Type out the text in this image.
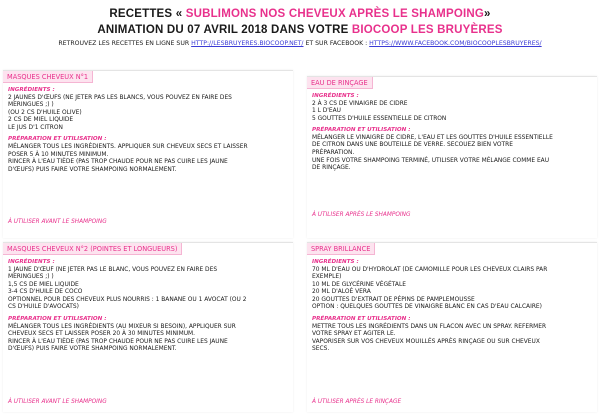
RECETTES « SUBLIMONS NOS CHEVEUX APRÈS LE SHAMPOING»
ANIMATION DU 07 AVRIL 2018 DANS VOTRE BIOCOOP LES BRUYÈRES
RETROUVEZ LES RECETTES EN LIGNE SUR HTTP://LESBRUYERES.BIOCOOP.NET/ ET SUR FACEBOOK : HTTPS://WWW.FACEBOOK.COM/BIOCOOPLESBRUYERES/
MASQUES CHEVEUX N°1
INGRÉDIENTS :
2 JAUNES D'ŒUFS (NE JETER PAS LES BLANCS, VOUS POUVEZ EN FAIRE DES
MERINGUES ;) )
(OU 2 CS D'HUILE OLIVE)
2 CS DE MIEL LIQUIDE
LE JUS D'1 CITRON
PRÉPARATION ET UTILISATION :
MÉLANGER TOUS LES INGRÉDIENTS. APPLIQUER SUR CHEVEUX SECS ET LAISSER
POSER 5 À 10 MINUTES MINIMUM.
RINCER À L'EAU TIÈDE (PAS TROP CHAUDE POUR NE PAS CUIRE LES JAUNE
D'ŒUFS) PUIS FAIRE VOTRE SHAMPOING NORMALEMENT.
À UTILISER AVANT LE SHAMPOING
EAU DE RINÇAGE
INGRÉDIENTS :
2 À 3 CS DE VINAIGRE DE CIDRE
1 L D'EAU
5 GOUTTES D'HUILE ESSENTIELLE DE CITRON
PRÉPARATION ET UTILISATION :
MÉLANGER LE VINAIGRE DE CIDRE, L'EAU ET LES GOUTTES D'HUILE ESSENTIELLE
DE CITRON DANS UNE BOUTEILLE DE VERRE. SECOUEZ BIEN VOTRE
PRÉPARATION.
UNE FOIS VOTRE SHAMPOING TERMINÉ, UTILISER VOTRE MÉLANGE COMME EAU
DE RINÇAGE.
À UTILISER APRÈS LE SHAMPOING
MASQUES CHEVEUX N°2 (POINTES ET LONGUEURS)
INGRÉDIENTS :
1 JAUNE D'ŒUF (NE JETER PAS LE BLANC, VOUS POUVEZ EN FAIRE DES
MERINGUES ;) )
1,5 CS DE MIEL LIQUIDE
3-4 CS D'HUILE DE COCO
OPTIONNEL POUR DES CHEVEUX PLUS NOURRIS : 1 BANANE OU 1 AVOCAT (OU 2
CS D'HUILE D'AVOCATS)
PRÉPARATION ET UTILISATION :
MÉLANGER TOUS LES INGRÉDIENTS (AU MIXEUR SI BESOIN), APPLIQUER SUR
CHEVEUX SECS ET LAISSER POSER 20 À 30 MINUTES MINIMUM.
RINCER À L'EAU TIÈDE (PAS TROP CHAUDE POUR NE PAS CUIRE LES JAUNE
D'ŒUFS) PUIS FAIRE VOTRE SHAMPOING NORMALEMENT.
À UTILISER AVANT LE SHAMPOING
SPRAY BRILLANCE
INGRÉDIENTS :
70 ML D'EAU OU D'HYDROLAT (DE CAMOMILLE POUR LES CHEVEUX CLAIRS PAR
EXEMPLE)
10 ML DE GLYCÉRINE VÉGÉTALE
20 ML D'ALOÉ VERA
20 GOUTTES D'EXTRAIT DE PÉPINS DE PAMPLEMOUSSE
OPTION : QUELQUES GOUTTES DE VINAIGRE BLANC EN CAS D'EAU CALCAIRE)
PRÉPARATION ET UTILISATION :
METTRE TOUS LES INGRÉDIENTS DANS UN FLACON AVEC UN SPRAY. REFERMER
VOTRE SPRAY ET AGITER LE.
VAPORISER SUR VOS CHEVEUX MOUILLÉS APRÈS RINÇAGE OU SUR CHEVEUX
SECS.
À UTILISER APRÈS LE RINÇAGE
